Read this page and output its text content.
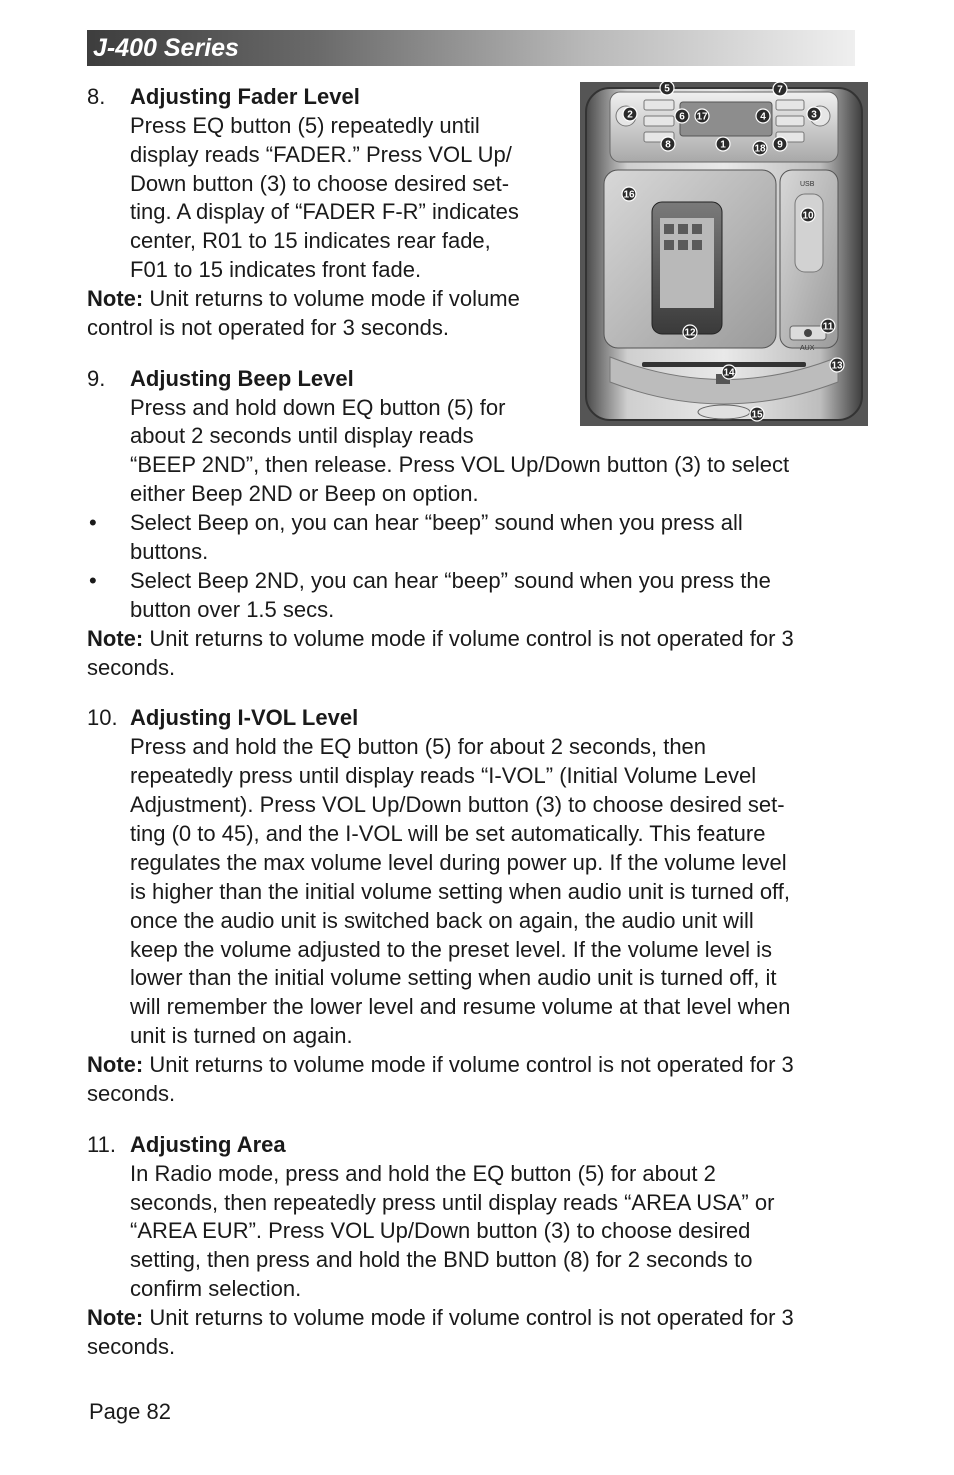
J-400 Series
8. Adjusting Fader Level
Press EQ button (5) repeatedly until
display reads “FADER.” Press VOL Up/
Down button (3) to choose desired set-
ting. A display of “FADER F-R” indicates
center, R01 to 15 indicates rear fade,
F01 to 15 indicates front fade.
Note: Unit returns to volume mode if volume
control is not operated for 3 seconds.
9. Adjusting Beep Level
Press and hold down EQ button (5) for
about 2 seconds until display reads
“BEEP 2ND”, then release. Press VOL Up/Down button (3) to select
either Beep 2ND or Beep on option.
• Select Beep on, you can hear “beep” sound when you press all
buttons.
• Select Beep 2ND, you can hear “beep” sound when you press the
button over 1.5 secs.
Note: Unit returns to volume mode if volume control is not operated for 3
seconds.
10. Adjusting I-VOL Level
Press and hold the EQ button (5) for about 2 seconds, then
repeatedly press until display reads “I-VOL” (Initial Volume Level
Adjustment). Press VOL Up/Down button (3) to choose desired set-
ting (0 to 45), and the I-VOL will be set automatically. This feature
regulates the max volume level during power up. If the volume level
is higher than the initial volume setting when audio unit is turned off,
once the audio unit is switched back on again, the audio unit will
keep the volume adjusted to the preset level. If the volume level is
lower than the initial volume setting when audio unit is turned off, it
will remember the lower level and resume volume at that level when
unit is turned on again.
Note: Unit returns to volume mode if volume control is not operated for 3
seconds.
11. Adjusting Area
In Radio mode, press and hold the EQ button (5) for about 2
seconds, then repeatedly press until display reads “AREA USA” or
“AREA EUR”. Press VOL Up/Down button (3) to choose desired
setting, then press and hold the BND button (8) for 2 seconds to
confirm selection.
Note: Unit returns to volume mode if volume control is not operated for 3
seconds.
USB
AUX
5	7
2	6 17	4	3
8	1	18 9
16
10
12
11
14
13
15
Page 82
